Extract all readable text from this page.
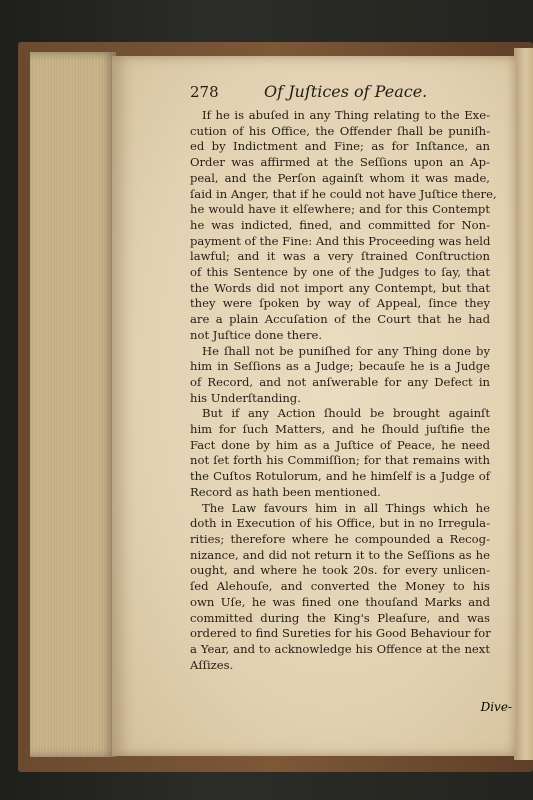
278	Of Juſtices of Peace.

If he is abuſed in any Thing relating to the Exe-
cution of his Office, the Offender ſhall be puniſh-
ed by Indictment and Fine; as for Inſtance, an
Order was affirmed at the Seſſions upon an Ap-
peal, and the Perſon againſt whom it was made,
ſaid in Anger, that if he could not have Juſtice there,
he would have it elſewhere; and for this Contempt
he was indicted, fined, and committed for Non-
payment of the Fine: And this Proceeding was held
lawful; and it was a very ſtrained Conſtruction
of this Sentence by one of the Judges to ſay, that
the Words did not import any Contempt, but that
they were ſpoken by way of Appeal, ſince they
are a plain Accuſation of the Court that he had
not Juſtice done there.

He ſhall not be puniſhed for any Thing done by
him in Seſſions as a Judge; becauſe he is a Judge
of Record, and not anſwerable for any Defect in
his Underſtanding.

But if any Action ſhould be brought againſt
him for ſuch Matters, and he ſhould juſtifie the
Fact done by him as a Juſtice of Peace, he need
not ſet forth his Commiſſion; for that remains with
the Cuſtos Rotulorum, and he himſelf is a Judge of
Record as hath been mentioned.

The Law favours him in all Things which he
doth in Execution of his Office, but in no Irregula-
rities; therefore where he compounded a Recog-
nizance, and did not return it to the Seſſions as he
ought, and where he took 20s. for every unlicen-
ſed Alehouſe, and converted the Money to his
own Uſe, he was fined one thouſand Marks and
committed during the King's Pleaſure, and was
ordered to find Sureties for his Good Behaviour for
a Year, and to acknowledge his Offence at the next
Aſſizes.

Dive-
